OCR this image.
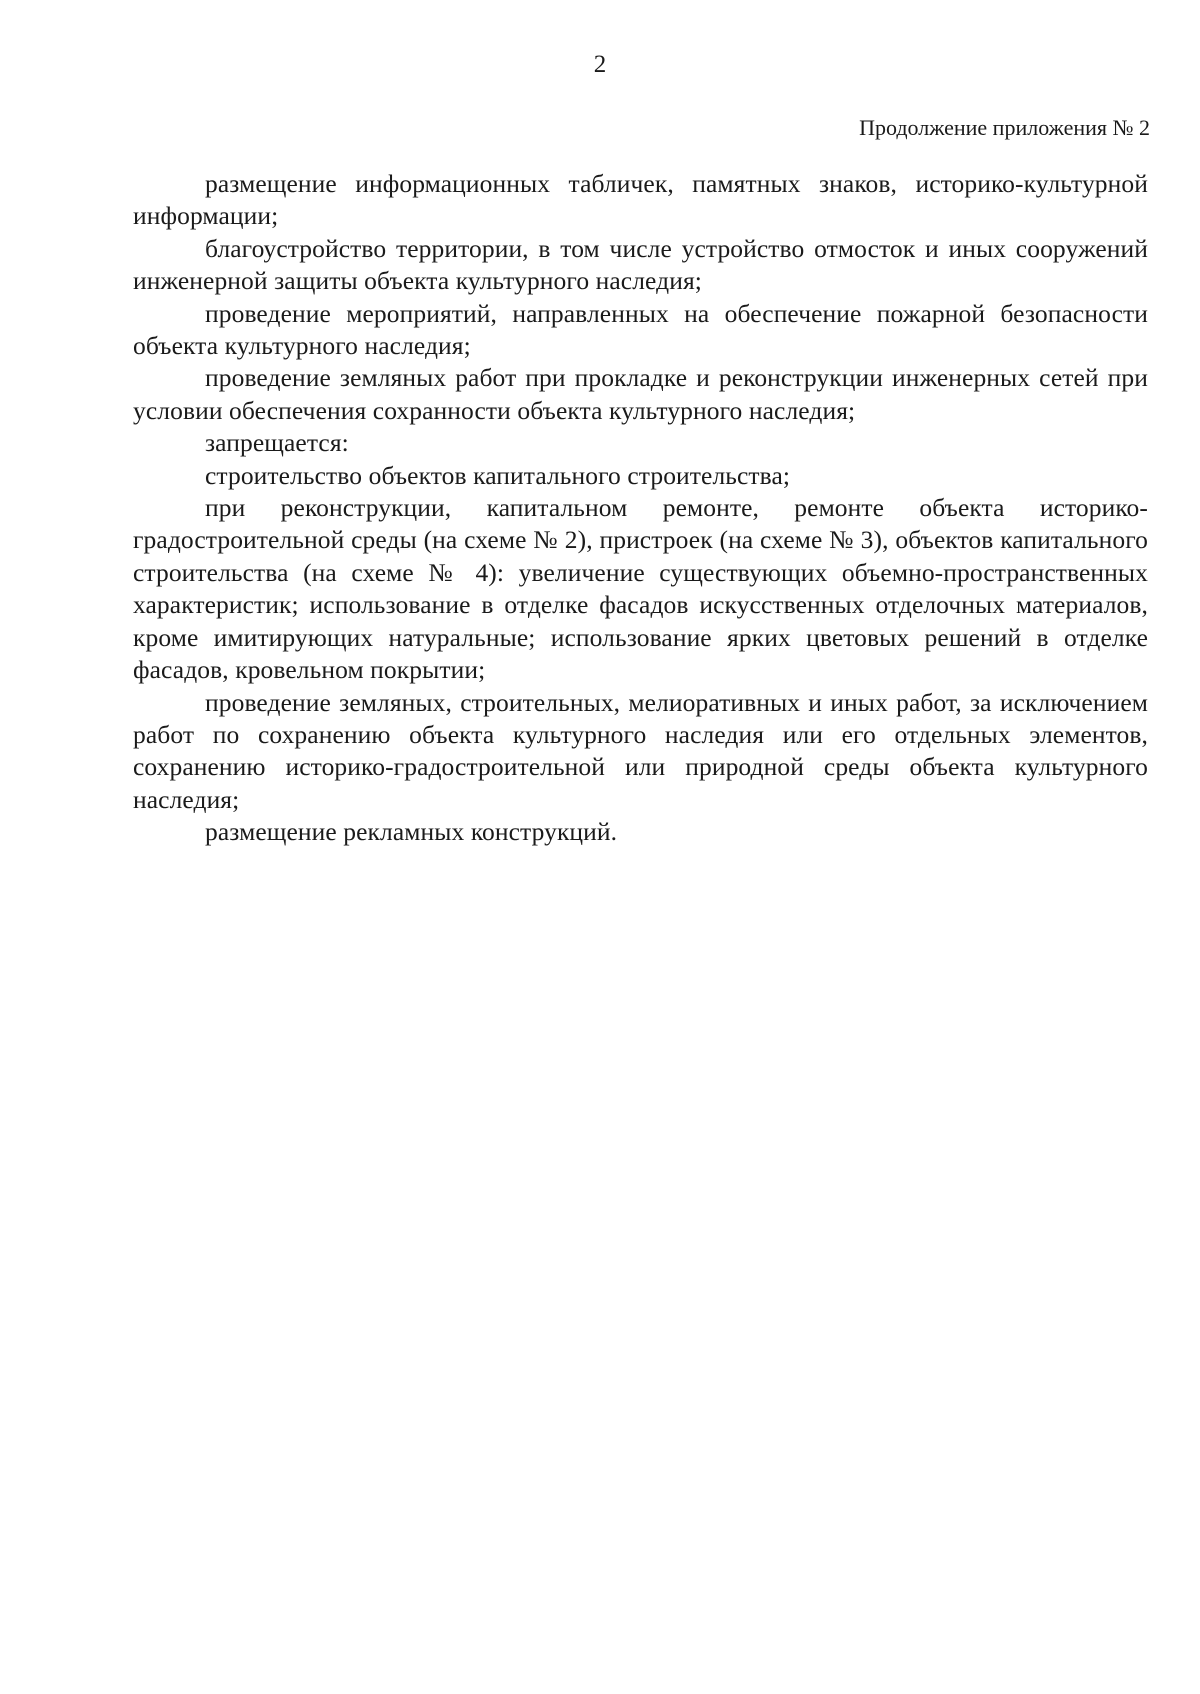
2
Продолжение приложения № 2

размещение информационных табличек, памятных знаков, историко-культурной информации;

благоустройство территории, в том числе устройство отмосток и иных сооружений инженерной защиты объекта культурного наследия;

проведение мероприятий, направленных на обеспечение пожарной безопасности объекта культурного наследия;

проведение земляных работ при прокладке и реконструкции инженерных сетей при условии обеспечения сохранности объекта культурного наследия;

запрещается:

строительство объектов капитального строительства;

при реконструкции, капитальном ремонте, ремонте объекта историко-градостроительной среды (на схеме № 2), пристроек (на схеме № 3), объектов капитального строительства (на схеме № 4): увеличение существующих объемно-пространственных характеристик; использование в отделке фасадов искусственных отделочных материалов, кроме имитирующих натуральные; использование ярких цветовых решений в отделке фасадов, кровельном покрытии;

проведение земляных, строительных, мелиоративных и иных работ, за исключением работ по сохранению объекта культурного наследия или его отдельных элементов, сохранению историко-градостроительной или природной среды объекта культурного наследия;

размещение рекламных конструкций.
